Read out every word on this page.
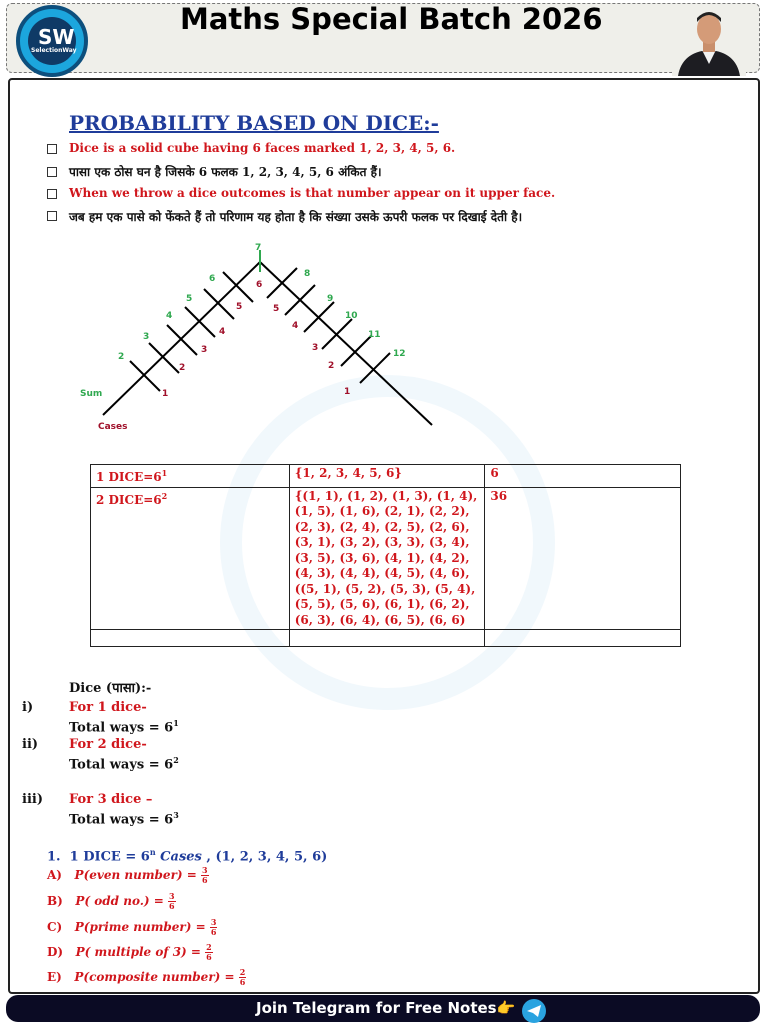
SW
SelectionWay
Maths Special Batch 2026
PROBABILITY BASED ON DICE:-
Dice is a solid cube having 6 faces marked 1, 2, 3, 4, 5, 6.
पासा एक ठोस घन है जिसके 6 फलक 1, 2, 3, 4, 5, 6 अंकित हैं।
When we throw a dice outcomes is that number appear on it upper face.
जब हम एक पासे को फेंकते हैं तो परिणाम यह होता है कि संख्या उसके ऊपरी फलक पर दिखाई देती है।
2
3
4
5
6
7
8
9
10
11
12
1
2
3
4
5
6
5
4
3
2
1
Sum
Cases
1 $DICE=6^1$	{1, 2, 3, 4, 5, 6}	6
2 $DICE=6^2$	{(1, 1), (1, 2), (1, 3), (1, 4), (1, 5), (1, 6), (2, 1), (2, 2), (2, 3), (2, 4), (2, 5), (2, 6), (3, 1), (3, 2), (3, 3), (3, 4), (3, 5), (3, 6), (4, 1), (4, 2), (4, 3), (4, 4), (4, 5), (4, 6), ((5, 1), (5, 2), (5, 3), (5, 4), (5, 5), (5, 6), (6, 1), (6, 2), (6, 3), (6, 4), (6, 5), (6, 6)	36

Dice (पासा):-
i)	For 1 dice-
Total ways = $6^1$
ii) For 2 dice-
Total ways = $6^2$
iii) For 3 dice –
Total ways = $6^3$
1. 1 DICE = $6^n$ Cases , (1, 2, 3, 4, 5, 6)
A) P(even number) = $\frac{3}{6}$
B) P( odd $no.) = \frac{3}{6}$
C) P(prime number) = $\frac{3}{6}$
D) P( multiple of $3) = \frac{2}{6}$
E) P(composite number) = $\frac{2}{6}$
Join Telegram for Free Notes👉
